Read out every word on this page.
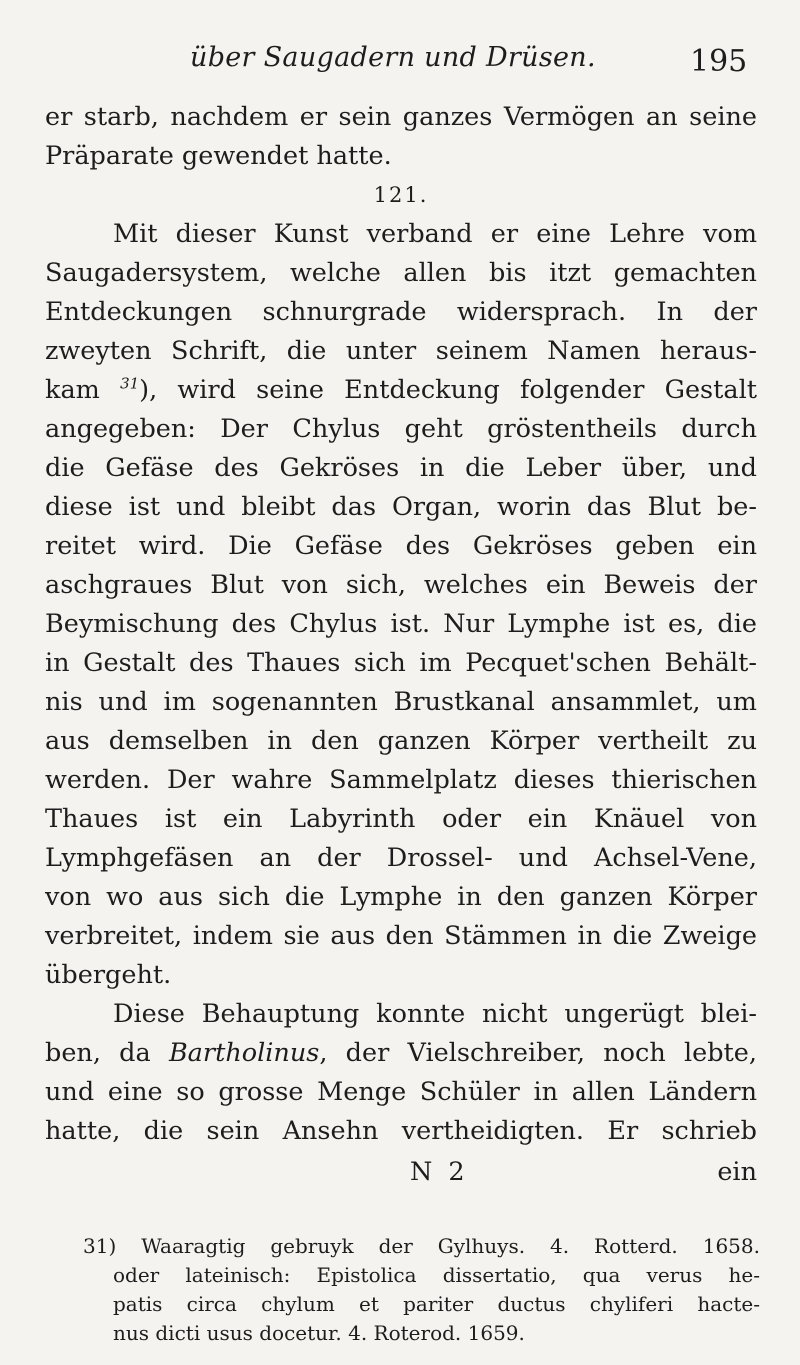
über Saugadern und Drüsen.	195
er starb, nachdem er sein ganzes Vermögen an seine
Präparate gewendet hatte.
121.
Mit dieser Kunst verband er eine Lehre vom
Saugadersystem, welche allen bis itzt gemachten
Entdeckungen schnurgrade widersprach. In der
zweyten Schrift, die unter seinem Namen heraus-
kam $^{31}$), wird seine Entdeckung folgender Gestalt
angegeben: Der Chylus geht gröstentheils durch
die Gefäse des Gekröses in die Leber über, und
diese ist und bleibt das Organ, worin das Blut be-
reitet wird. Die Gefäse des Gekröses geben ein
aschgraues Blut von sich, welches ein Beweis der
Beymischung des Chylus ist. Nur Lymphe ist es, die
in Gestalt des Thaues sich im Pecquet'schen Behält-
nis und im sogenannten Brustkanal ansammlet, um
aus demselben in den ganzen Körper vertheilt zu
werden. Der wahre Sammelplatz dieses thierischen
Thaues ist ein Labyrinth oder ein Knäuel von
Lymphgefäsen an der Drossel- und Achsel-Vene,
von wo aus sich die Lymphe in den ganzen Körper
verbreitet, indem sie aus den Stämmen in die Zweige
übergeht.
Diese Behauptung konnte nicht ungerügt blei-
ben, da Bartholinus, der Vielschreiber, noch lebte,
und eine so grosse Menge Schüler in allen Ländern
hatte, die sein Ansehn vertheidigten. Er schrieb
N 2	ein
31) Waaragtig gebruyk der Gylhuys. 4. Rotterd. 1658.
oder lateinisch: Epistolica dissertatio, qua verus he-
patis circa chylum et pariter ductus chyliferi hacte-
nus dicti usus docetur. 4. Roterod. 1659.
